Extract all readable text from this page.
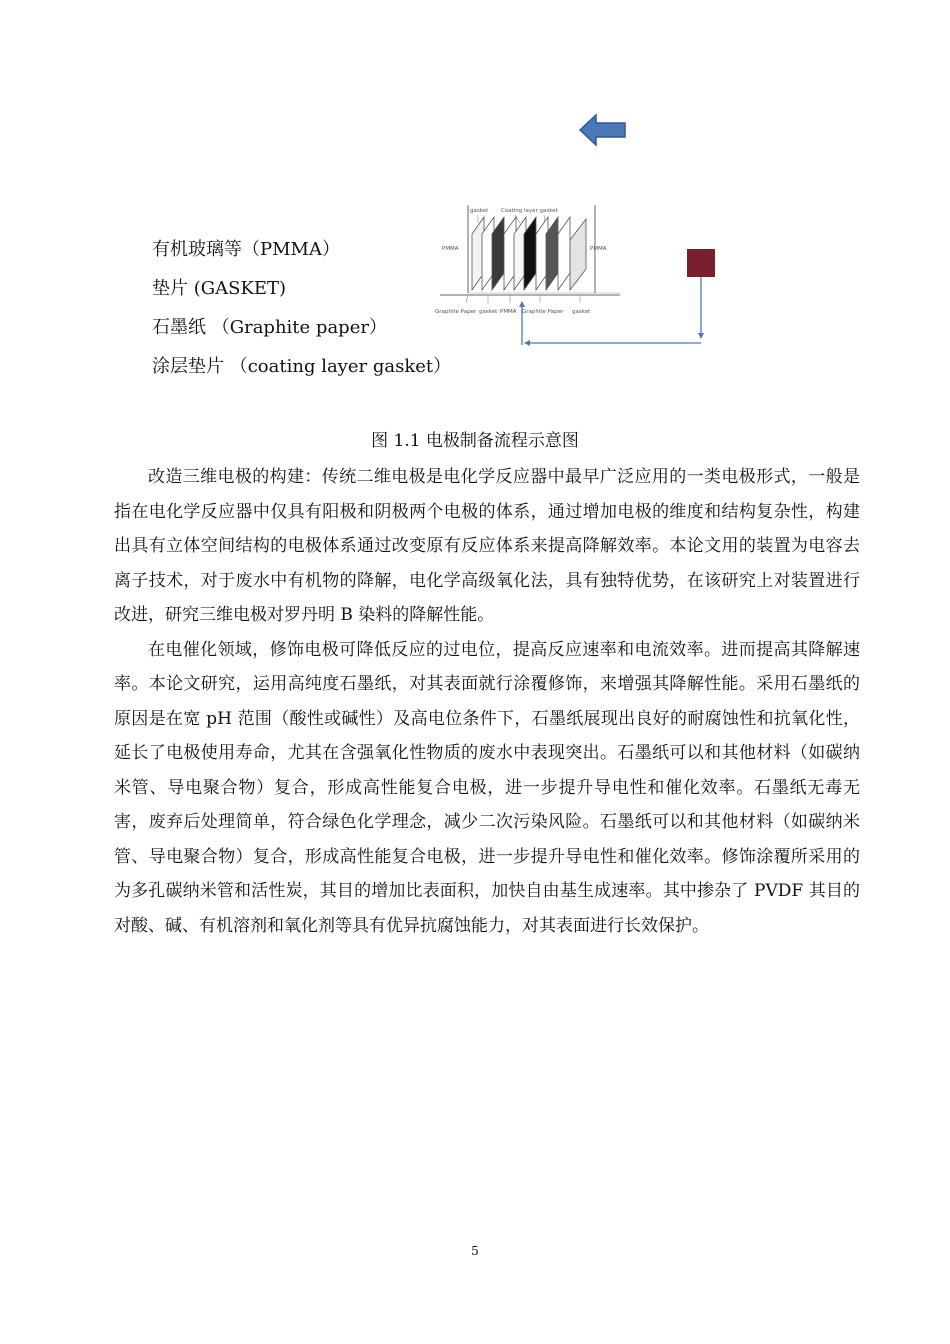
有机玻璃等（PMMA）
垫片 (GASKET)
石墨纸 （Graphite paper）
涂层垫片 （coating layer gasket）
gasket Coating layer gasket
PMMA	PMMA
Graphite Paper gasket PMMA Graphite Paper gasket
图 1.1 电极制备流程示意图

改造三维电极的构建：传统二维电极是电化学反应器中最早广泛应用的一类电极形式，一般是指在电化学反应器中仅具有阳极和阴极两个电极的体系，通过增加电极的维度和结构复杂性，构建出具有立体空间结构的电极体系通过改变原有反应体系来提高降解效率。本论文用的装置为电容去离子技术，对于废水中有机物的降解，电化学高级氧化法，具有独特优势，在该研究上对装置进行改进，研究三维电极对罗丹明 B 染料的降解性能。

在电催化领域，修饰电极可降低反应的过电位，提高反应速率和电流效率。进而提高其降解速率。本论文研究，运用高纯度石墨纸，对其表面就行涂覆修饰，来增强其降解性能。采用石墨纸的原因是在宽 pH 范围（酸性或碱性）及高电位条件下，石墨纸展现出良好的耐腐蚀性和抗氧化性，延长了电极使用寿命，尤其在含强氧化性物质的废水中表现突出。石墨纸可以和其他材料（如碳纳米管、导电聚合物）复合，形成高性能复合电极，进一步提升导电性和催化效率。石墨纸无毒无害，废弃后处理简单，符合绿色化学理念，减少二次污染风险。石墨纸可以和其他材料（如碳纳米管、导电聚合物）复合，形成高性能复合电极，进一步提升导电性和催化效率。修饰涂覆所采用的为多孔碳纳米管和活性炭，其目的增加比表面积，加快自由基生成速率。其中掺杂了 PVDF 其目的对酸、碱、有机溶剂和氧化剂等具有优异抗腐蚀能力，对其表面进行长效保护。

5
